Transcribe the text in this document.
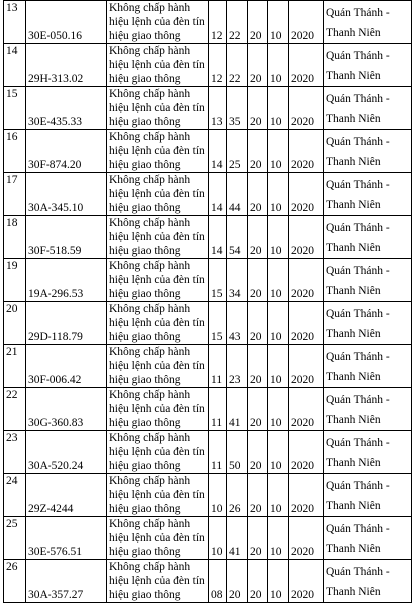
13	30E-050.16	Không chấp hành
hiệu lệnh của đèn tín
hiệu giao thông	12	22	20	10	2020	Quán Thánh -
Thanh Niên

14	29H-313.02	Không chấp hành
hiệu lệnh của đèn tín
hiệu giao thông	12	22	20	10	2020	Quán Thánh -
Thanh Niên

15	30E-435.33	Không chấp hành
hiệu lệnh của đèn tín
hiệu giao thông	13	35	20	10	2020	Quán Thánh -
Thanh Niên

16	30F-874.20	Không chấp hành
hiệu lệnh của đèn tín
hiệu giao thông	14	25	20	10	2020	Quán Thánh -
Thanh Niên

17	30A-345.10	Không chấp hành
hiệu lệnh của đèn tín
hiệu giao thông	14	44	20	10	2020	Quán Thánh -
Thanh Niên

18	30F-518.59	Không chấp hành
hiệu lệnh của đèn tín
hiệu giao thông	14	54	20	10	2020	Quán Thánh -
Thanh Niên

19	19A-296.53	Không chấp hành
hiệu lệnh của đèn tín
hiệu giao thông	15	34	20	10	2020	Quán Thánh -
Thanh Niên

20	29D-118.79	Không chấp hành
hiệu lệnh của đèn tín
hiệu giao thông	15	43	20	10	2020	Quán Thánh -
Thanh Niên

21	30F-006.42	Không chấp hành
hiệu lệnh của đèn tín
hiệu giao thông	11	23	20	10	2020	Quán Thánh -
Thanh Niên

22	30G-360.83	Không chấp hành
hiệu lệnh của đèn tín
hiệu giao thông	11	41	20	10	2020	Quán Thánh -
Thanh Niên

23	30A-520.24	Không chấp hành
hiệu lệnh của đèn tín
hiệu giao thông	11	50	20	10	2020	Quán Thánh -
Thanh Niên

24	29Z-4244	Không chấp hành
hiệu lệnh của đèn tín
hiệu giao thông	10	26	20	10	2020	Quán Thánh -
Thanh Niên

25	30E-576.51	Không chấp hành
hiệu lệnh của đèn tín
hiệu giao thông	10	41	20	10	2020	Quán Thánh -
Thanh Niên

26	30A-357.27	Không chấp hành
hiệu lệnh của đèn tín
hiệu giao thông	08	20	20	10	2020	Quán Thánh -
Thanh Niên
